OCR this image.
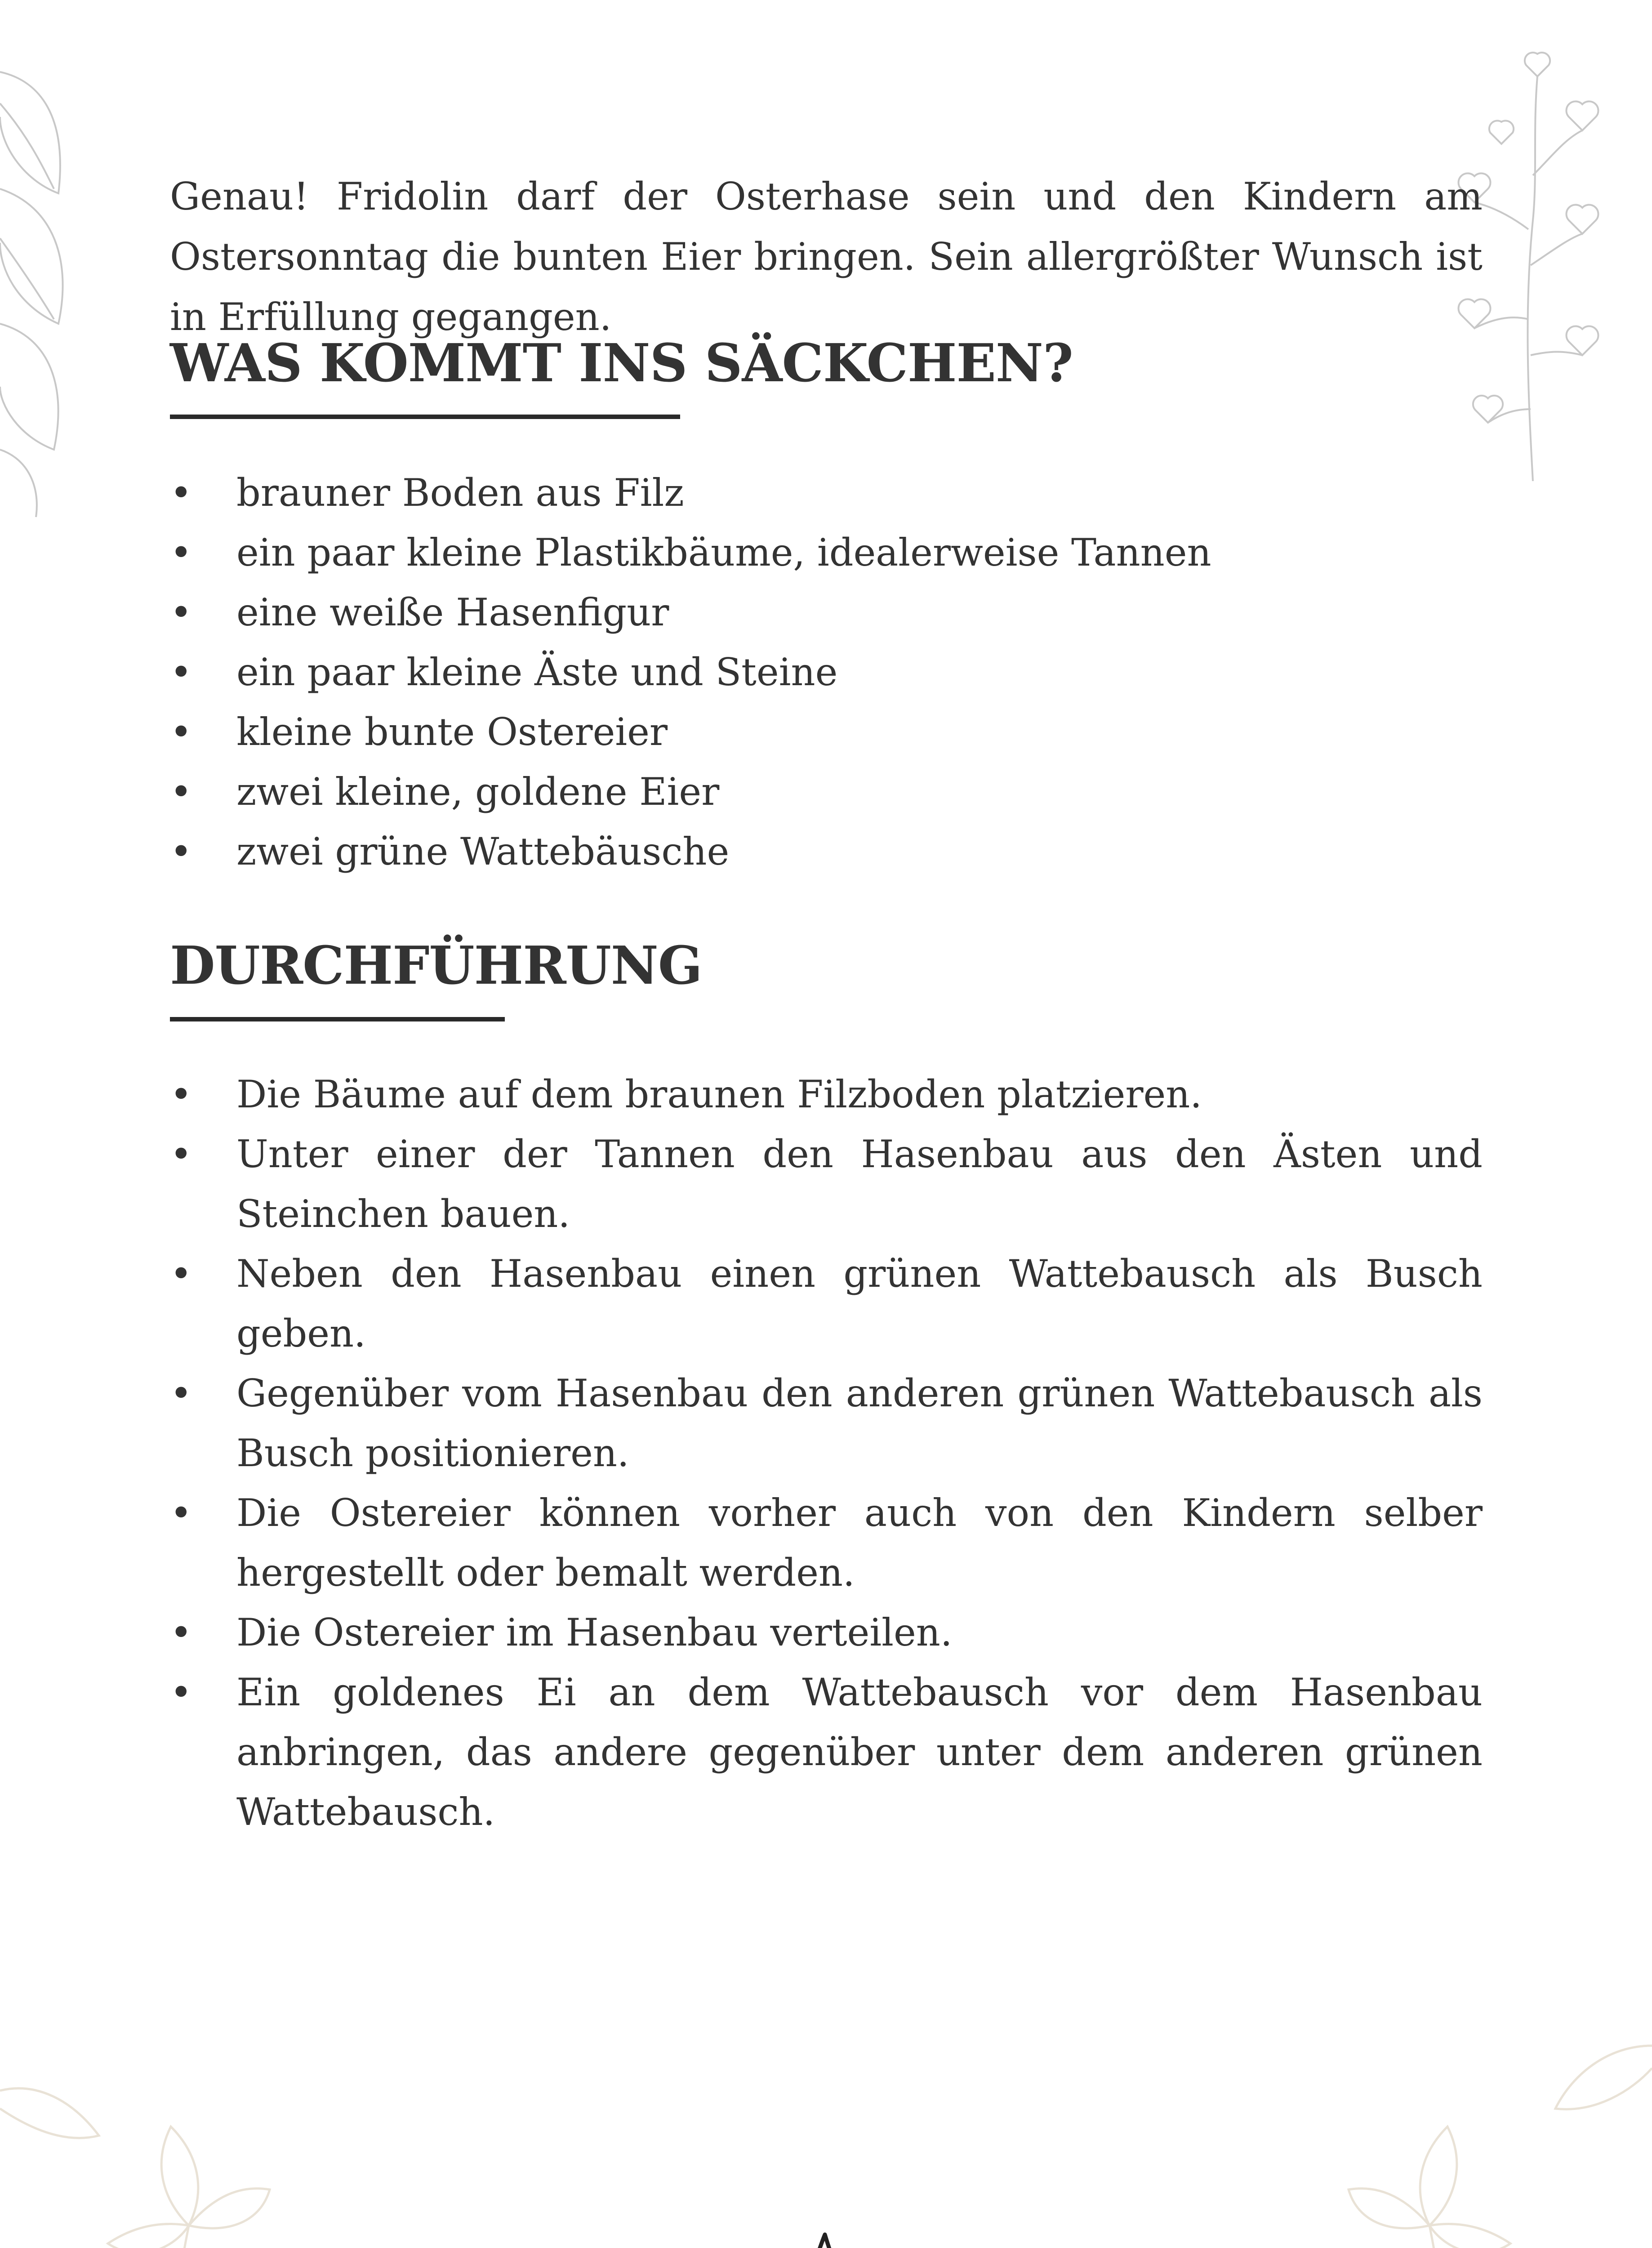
Genau! Fridolin darf der Osterhase sein und den Kindern am Ostersonntag die bunten Eier bringen. Sein allergrößter Wunsch ist in Erfüllung gegangen.

WAS KOMMT INS SÄCKCHEN?
• brauner Boden aus Filz
• ein paar kleine Plastikbäume, idealerweise Tannen
• eine weiße Hasenfigur
• ein paar kleine Äste und Steine
• kleine bunte Ostereier
• zwei kleine, goldene Eier
• zwei grüne Wattebäusche
DURCHFÜHRUNG
• Die Bäume auf dem braunen Filzboden platzieren.
• Unter einer der Tannen den Hasenbau aus den Ästen und Steinchen bauen.
• Neben den Hasenbau einen grünen Wattebausch als Busch geben.
• Gegenüber vom Hasenbau den anderen grünen Wattebausch als Busch positionieren.
• Die Ostereier können vorher auch von den Kindern selber hergestellt oder bemalt werden.
• Die Ostereier im Hasenbau verteilen.
• Ein goldenes Ei an dem Wattebausch vor dem Hasenbau anbringen, das andere gegenüber unter dem anderen grünen Wattebausch.
